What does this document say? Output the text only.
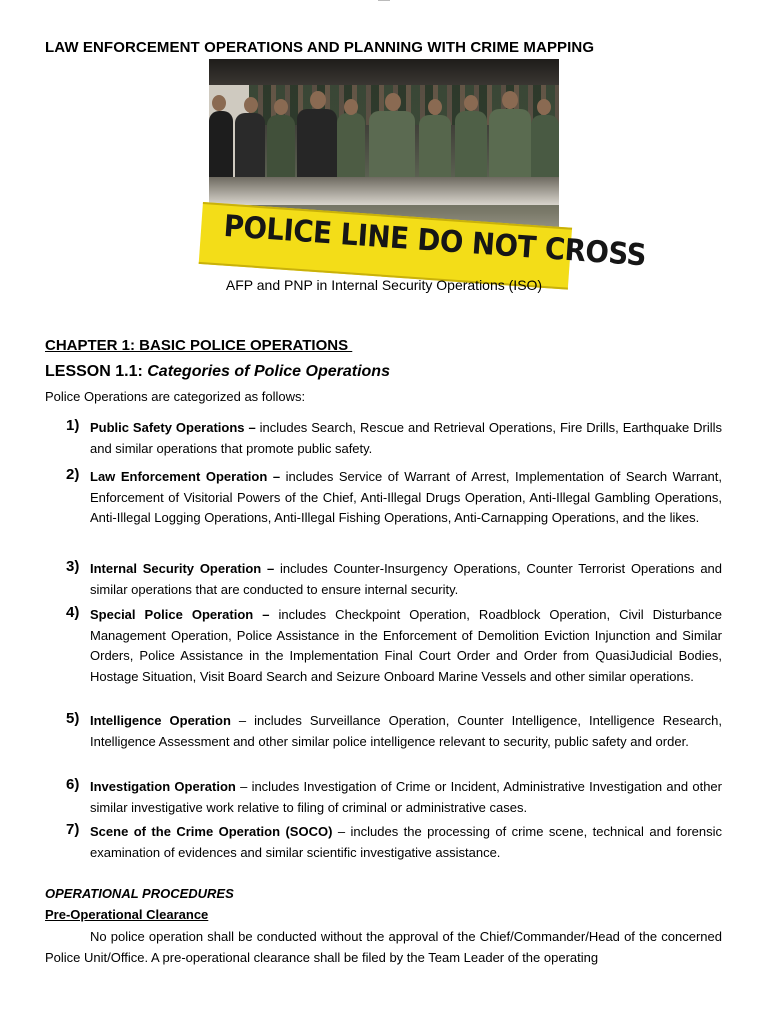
LAW ENFORCEMENT OPERATIONS AND PLANNING WITH CRIME MAPPING
POLICE LINE DO NOT CROSS
AFP and PNP in Internal Security Operations (ISO)
CHAPTER 1: BASIC POLICE OPERATIONS
LESSON 1.1: Categories of Police Operations
Police Operations are categorized as follows:
1) Public Safety Operations – includes Search, Rescue and Retrieval Operations, Fire Drills, Earthquake Drills and similar operations that promote public safety.
2) Law Enforcement Operation – includes Service of Warrant of Arrest, Implementation of Search Warrant, Enforcement of Visitorial Powers of the Chief, Anti-Illegal Drugs Operation, Anti-Illegal Gambling Operations, Anti-Illegal Logging Operations, Anti-Illegal Fishing Operations, Anti-Carnapping Operations, and the likes.
3) Internal Security Operation – includes Counter-Insurgency Operations, Counter Terrorist Operations and similar operations that are conducted to ensure internal security.
4) Special Police Operation – includes Checkpoint Operation, Roadblock Operation, Civil Disturbance Management Operation, Police Assistance in the Enforcement of Demolition Eviction Injunction and Similar Orders, Police Assistance in the Implementation Final Court Order and Order from QuasiJudicial Bodies, Hostage Situation, Visit Board Search and Seizure Onboard Marine Vessels and other similar operations.
5) Intelligence Operation – includes Surveillance Operation, Counter Intelligence, Intelligence Research, Intelligence Assessment and other similar police intelligence relevant to security, public safety and order.
6) Investigation Operation – includes Investigation of Crime or Incident, Administrative Investigation and other similar investigative work relative to filing of criminal or administrative cases.
7) Scene of the Crime Operation (SOCO) – includes the processing of crime scene, technical and forensic examination of evidences and similar scientific investigative assistance.
OPERATIONAL PROCEDURES
Pre-Operational Clearance
No police operation shall be conducted without the approval of the Chief/Commander/Head of the concerned Police Unit/Office. A pre-operational clearance shall be filed by the Team Leader of the operating
